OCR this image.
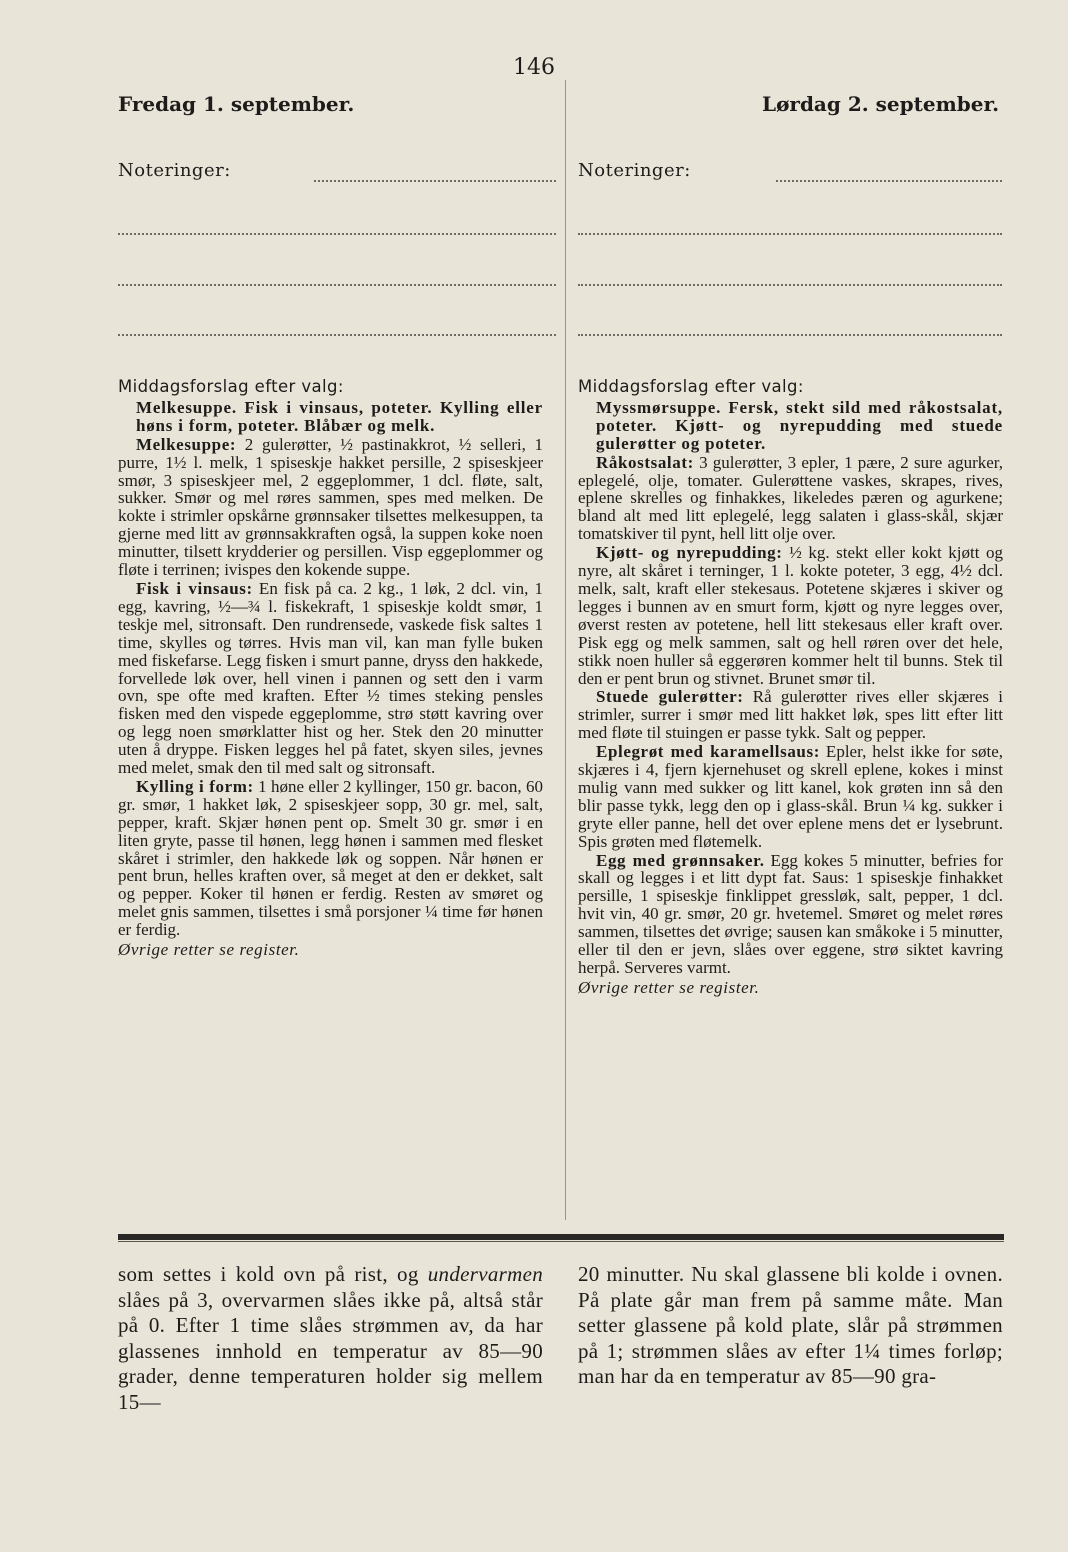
146
Fredag 1. september.
Noteringer:
Middagsforslag efter valg:

Melkesuppe. Fisk i vinsaus, poteter. Kylling eller høns i form, poteter. Blåbær og melk.

Melkesuppe: 2 gulerøtter, ½ pastinakkrot, ½ selleri, 1 purre, 1½ l. melk, 1 spiseskje hakket persille, 2 spiseskjeer smør, 3 spiseskjeer mel, 2 eggeplommer, 1 dcl. fløte, salt, sukker. Smør og mel røres sammen, spes med melken. De kokte i strimler opskårne grønnsaker tilsettes melkesuppen, ta gjerne med litt av grønnsakkraften også, la suppen koke noen minutter, tilsett krydderier og persillen. Visp eggeplommer og fløte i terrinen; ivispes den kokende suppe.

Fisk i vinsaus: En fisk på ca. 2 kg., 1 løk, 2 dcl. vin, 1 egg, kavring, ½—¾ l. fiskekraft, 1 spiseskje koldt smør, 1 teskje mel, sitronsaft. Den rundrensede, vaskede fisk saltes 1 time, skylles og tørres. Hvis man vil, kan man fylle buken med fiskefarse. Legg fisken i smurt panne, dryss den hakkede, forvellede løk over, hell vinen i pannen og sett den i varm ovn, spe ofte med kraften. Efter ½ times steking pensles fisken med den vispede eggeplomme, strø støtt kavring over og legg noen smørklatter hist og her. Stek den 20 minutter uten å dryppe. Fisken legges hel på fatet, skyen siles, jevnes med melet, smak den til med salt og sitronsaft.

Kylling i form: 1 høne eller 2 kyllinger, 150 gr. bacon, 60 gr. smør, 1 hakket løk, 2 spiseskjeer sopp, 30 gr. mel, salt, pepper, kraft. Skjær hønen pent op. Smelt 30 gr. smør i en liten gryte, passe til hønen, legg hønen i sammen med flesket skåret i strimler, den hakkede løk og soppen. Når hønen er pent brun, helles kraften over, så meget at den er dekket, salt og pepper. Koker til hønen er ferdig. Resten av smøret og melet gnis sammen, tilsettes i små porsjoner ¼ time før hønen er ferdig.

Øvrige retter se register.

Lørdag 2. september.
Noteringer:
Middagsforslag efter valg:

Myssmørsuppe. Fersk, stekt sild med råkostsalat, poteter. Kjøtt- og nyrepudding med stuede gulerøtter og poteter.

Råkostsalat: 3 gulerøtter, 3 epler, 1 pære, 2 sure agurker, eplegelé, olje, tomater. Gulerøttene vaskes, skrapes, rives, eplene skrelles og finhakkes, likeledes pæren og agurkene; bland alt med litt eplegelé, legg salaten i glass-skål, skjær tomatskiver til pynt, hell litt olje over.

Kjøtt- og nyrepudding: ½ kg. stekt eller kokt kjøtt og nyre, alt skåret i terninger, 1 l. kokte poteter, 3 egg, 4½ dcl. melk, salt, kraft eller stekesaus. Potetene skjæres i skiver og legges i bunnen av en smurt form, kjøtt og nyre legges over, øverst resten av potetene, hell litt stekesaus eller kraft over. Pisk egg og melk sammen, salt og hell røren over det hele, stikk noen huller så eggerøren kommer helt til bunns. Stek til den er pent brun og stivnet. Brunet smør til.

Stuede gulerøtter: Rå gulerøtter rives eller skjæres i strimler, surrer i smør med litt hakket løk, spes litt efter litt med fløte til stuingen er passe tykk. Salt og pepper.

Eplegrøt med karamellsaus: Epler, helst ikke for søte, skjæres i 4, fjern kjernehuset og skrell eplene, kokes i minst mulig vann med sukker og litt kanel, kok grøten inn så den blir passe tykk, legg den op i glass-skål. Brun ¼ kg. sukker i gryte eller panne, hell det over eplene mens det er lysebrunt. Spis grøten med fløtemelk.

Egg med grønnsaker. Egg kokes 5 minutter, befries for skall og legges i et litt dypt fat. Saus: 1 spiseskje finhakket persille, 1 spiseskje finklippet gressløk, salt, pepper, 1 dcl. hvit vin, 40 gr. smør, 20 gr. hvetemel. Smøret og melet røres sammen, tilsettes det øvrige; sausen kan småkoke i 5 minutter, eller til den er jevn, slåes over eggene, strø siktet kavring herpå. Serveres varmt.

Øvrige retter se register.

som settes i kold ovn på rist, og undervarmen slåes på 3, overvarmen slåes ikke på, altså står på 0. Efter 1 time slåes strømmen av, da har glassenes innhold en temperatur av 85—90 grader, denne temperaturen holder sig mellem 15—

20 minutter. Nu skal glassene bli kolde i ovnen. På plate går man frem på samme måte. Man setter glassene på kold plate, slår på strømmen på 1; strømmen slåes av efter 1¼ times forløp; man har da en temperatur av 85—90 gra-
